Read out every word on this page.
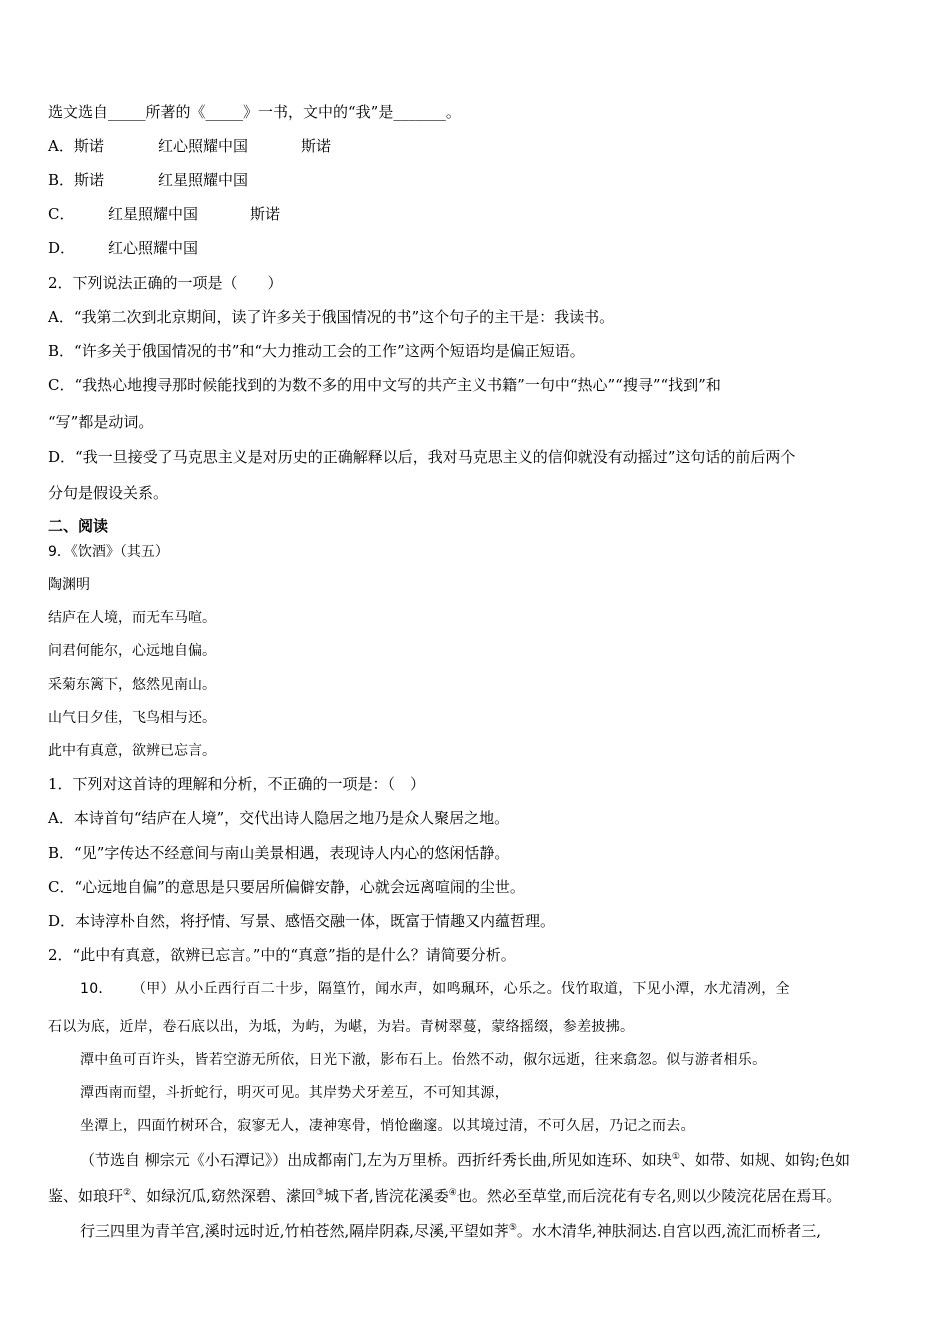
选文选自_____所著的《_____》一书，文中的“我”是_______。
A．斯诺	红心照耀中国	斯诺
B．斯诺	红星照耀中国
C． 红星照耀中国	斯诺
D． 红心照耀中国
2．下列说法正确的一项是（　　）
A．“我第二次到北京期间，读了许多关于俄国情况的书”这个句子的主干是：我读书。
B．“许多关于俄国情况的书”和“大力推动工会的工作”这两个短语均是偏正短语。
C．“我热心地搜寻那时候能找到的为数不多的用中文写的共产主义书籍”一句中“热心”“搜寻”“找到”和
“写”都是动词。
D．“我一旦接受了马克思主义是对历史的正确解释以后，我对马克思主义的信仰就没有动摇过”这句话的前后两个
分句是假设关系。
二、阅读
9．《饮酒》（其五）
陶渊明
结庐在人境，而无车马喧。
问君何能尔，心远地自偏。
采菊东篱下，悠然见南山。
山气日夕佳，飞鸟相与还。
此中有真意，欲辨已忘言。
1．下列对这首诗的理解和分析，不正确的一项是：（　）
A．本诗首句“结庐在人境”，交代出诗人隐居之地乃是众人聚居之地。
B．“见”字传达不经意间与南山美景相遇，表现诗人内心的悠闲恬静。
C．“心远地自偏”的意思是只要居所偏僻安静，心就会远离喧闹的尘世。
D．本诗淳朴自然，将抒情、写景、感悟交融一体，既富于情趣又内蕴哲理。
2．“此中有真意，欲辨已忘言。”中的“真意”指的是什么？请简要分析。
10． （甲）从小丘西行百二十步，隔篁竹，闻水声，如鸣珮环，心乐之。伐竹取道，下见小潭，水尤清冽，全
石以为底，近岸，卷石底以出，为坻，为屿，为嵁，为岩。青树翠蔓，蒙络摇缀，参差披拂。
潭中鱼可百许头，皆若空游无所依，日光下澈，影布石上。佁然不动，俶尔远逝，往来翕忽。似与游者相乐。
潭西南而望，斗折蛇行，明灭可见。其岸势犬牙差互，不可知其源，
坐潭上，四面竹树环合，寂寥无人，凄神寒骨，悄怆幽邃。以其境过清，不可久居，乃记之而去。
（节选自 柳宗元《小石潭记》）出成都南门,左为万里桥。西折纤秀长曲,所见如连环、如玦①、如带、如规、如钩;色如
鉴、如琅玕②、如绿沉瓜,窈然深碧、潆回③城下者,皆浣花溪委④也。然必至草堂,而后浣花有专名,则以少陵浣花居在焉耳。
行三四里为青羊宫,溪时远时近,竹柏苍然,隔岸阴森,尽溪,平望如荠⑤。水木清华,神肤洞达.自宫以西,流汇而桥者三,
